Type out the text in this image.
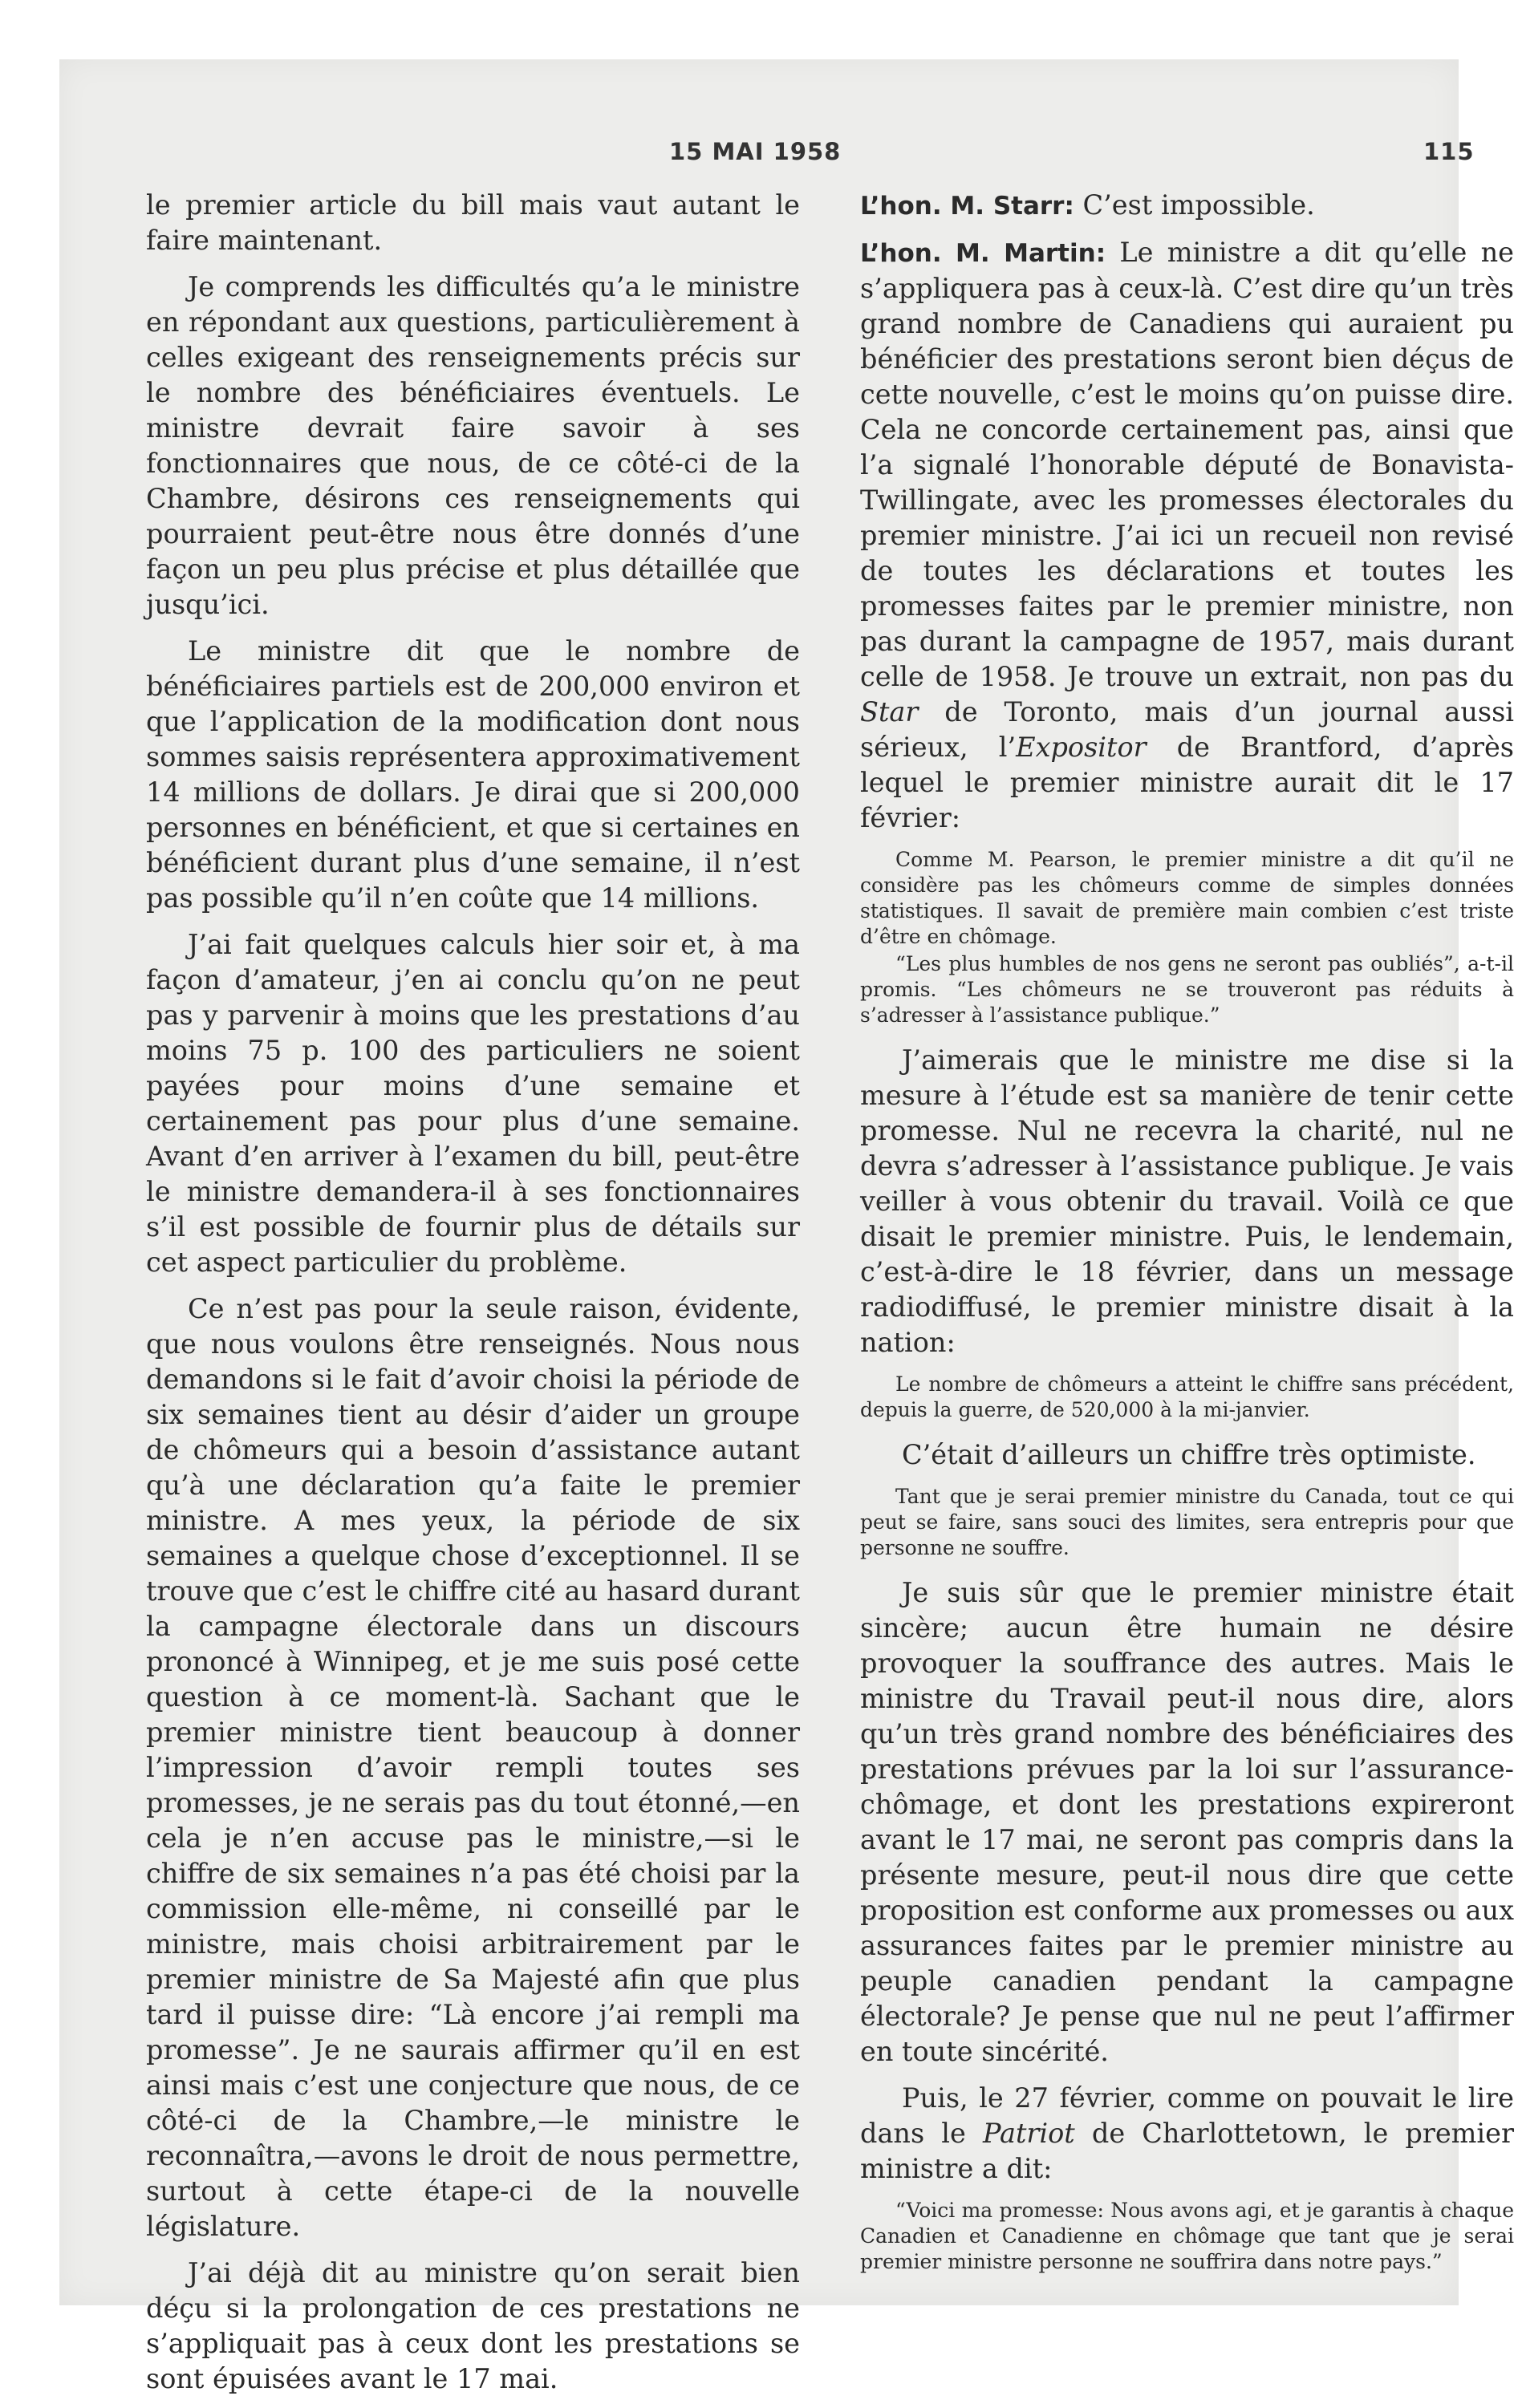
15 MAI 1958	115

le premier article du bill mais vaut autant le faire maintenant.

Je comprends les difficultés qu’a le ministre en répondant aux questions, particulièrement à celles exigeant des renseignements précis sur le nombre des bénéficiaires éventuels. Le ministre devrait faire savoir à ses fonctionnaires que nous, de ce côté-ci de la Chambre, désirons ces renseignements qui pourraient peut-être nous être donnés d’une façon un peu plus précise et plus détaillée que jusqu’ici.

Le ministre dit que le nombre de bénéficiaires partiels est de 200,000 environ et que l’application de la modification dont nous sommes saisis représentera approximativement 14 millions de dollars. Je dirai que si 200,000 personnes en bénéficient, et que si certaines en bénéficient durant plus d’une semaine, il n’est pas possible qu’il n’en coûte que 14 millions.

J’ai fait quelques calculs hier soir et, à ma façon d’amateur, j’en ai conclu qu’on ne peut pas y parvenir à moins que les prestations d’au moins 75 p. 100 des particuliers ne soient payées pour moins d’une semaine et certainement pas pour plus d’une semaine. Avant d’en arriver à l’examen du bill, peut-être le ministre demandera-il à ses fonctionnaires s’il est possible de fournir plus de détails sur cet aspect particulier du problème.

Ce n’est pas pour la seule raison, évidente, que nous voulons être renseignés. Nous nous demandons si le fait d’avoir choisi la période de six semaines tient au désir d’aider un groupe de chômeurs qui a besoin d’assistance autant qu’à une déclaration qu’a faite le premier ministre. A mes yeux, la période de six semaines a quelque chose d’exceptionnel. Il se trouve que c’est le chiffre cité au hasard durant la campagne électorale dans un discours prononcé à Winnipeg, et je me suis posé cette question à ce moment-là. Sachant que le premier ministre tient beaucoup à donner l’impression d’avoir rempli toutes ses promesses, je ne serais pas du tout étonné,—en cela je n’en accuse pas le ministre,—si le chiffre de six semaines n’a pas été choisi par la commission elle-même, ni conseillé par le ministre, mais choisi arbitrairement par le premier ministre de Sa Majesté afin que plus tard il puisse dire: “Là encore j’ai rempli ma promesse”. Je ne saurais affirmer qu’il en est ainsi mais c’est une conjecture que nous, de ce côté-ci de la Chambre,—le ministre le reconnaîtra,—avons le droit de nous permettre, surtout à cette étape-ci de la nouvelle législature.

J’ai déjà dit au ministre qu’on serait bien déçu si la prolongation de ces prestations ne s’appliquait pas à ceux dont les prestations se sont épuisées avant le 17 mai.

L’hon. M. Starr: C’est impossible.

L’hon. M. Martin: Le ministre a dit qu’elle ne s’appliquera pas à ceux-là. C’est dire qu’un très grand nombre de Canadiens qui auraient pu bénéficier des prestations seront bien déçus de cette nouvelle, c’est le moins qu’on puisse dire. Cela ne concorde certainement pas, ainsi que l’a signalé l’honorable député de Bonavista-Twillingate, avec les promesses électorales du premier ministre. J’ai ici un recueil non revisé de toutes les déclarations et toutes les promesses faites par le premier ministre, non pas durant la campagne de 1957, mais durant celle de 1958. Je trouve un extrait, non pas du Star de Toronto, mais d’un journal aussi sérieux, l’Expositor de Brantford, d’après lequel le premier ministre aurait dit le 17 février:

Comme M. Pearson, le premier ministre a dit qu’il ne considère pas les chômeurs comme de simples données statistiques. Il savait de première main combien c’est triste d’être en chômage.

“Les plus humbles de nos gens ne seront pas oubliés”, a-t-il promis. “Les chômeurs ne se trouveront pas réduits à s’adresser à l’assistance publique.”

J’aimerais que le ministre me dise si la mesure à l’étude est sa manière de tenir cette promesse. Nul ne recevra la charité, nul ne devra s’adresser à l’assistance publique. Je vais veiller à vous obtenir du travail. Voilà ce que disait le premier ministre. Puis, le lendemain, c’est-à-dire le 18 février, dans un message radiodiffusé, le premier ministre disait à la nation:

Le nombre de chômeurs a atteint le chiffre sans précédent, depuis la guerre, de 520,000 à la mi-janvier.

C’était d’ailleurs un chiffre très optimiste.

Tant que je serai premier ministre du Canada, tout ce qui peut se faire, sans souci des limites, sera entrepris pour que personne ne souffre.

Je suis sûr que le premier ministre était sincère; aucun être humain ne désire provoquer la souffrance des autres. Mais le ministre du Travail peut-il nous dire, alors qu’un très grand nombre des bénéficiaires des prestations prévues par la loi sur l’assurance-chômage, et dont les prestations expireront avant le 17 mai, ne seront pas compris dans la présente mesure, peut-il nous dire que cette proposition est conforme aux promesses ou aux assurances faites par le premier ministre au peuple canadien pendant la campagne électorale? Je pense que nul ne peut l’affirmer en toute sincérité.

Puis, le 27 février, comme on pouvait le lire dans le Patriot de Charlottetown, le premier ministre a dit:

“Voici ma promesse: Nous avons agi, et je garantis à chaque Canadien et Canadienne en chômage que tant que je serai premier ministre personne ne souffrira dans notre pays.”
